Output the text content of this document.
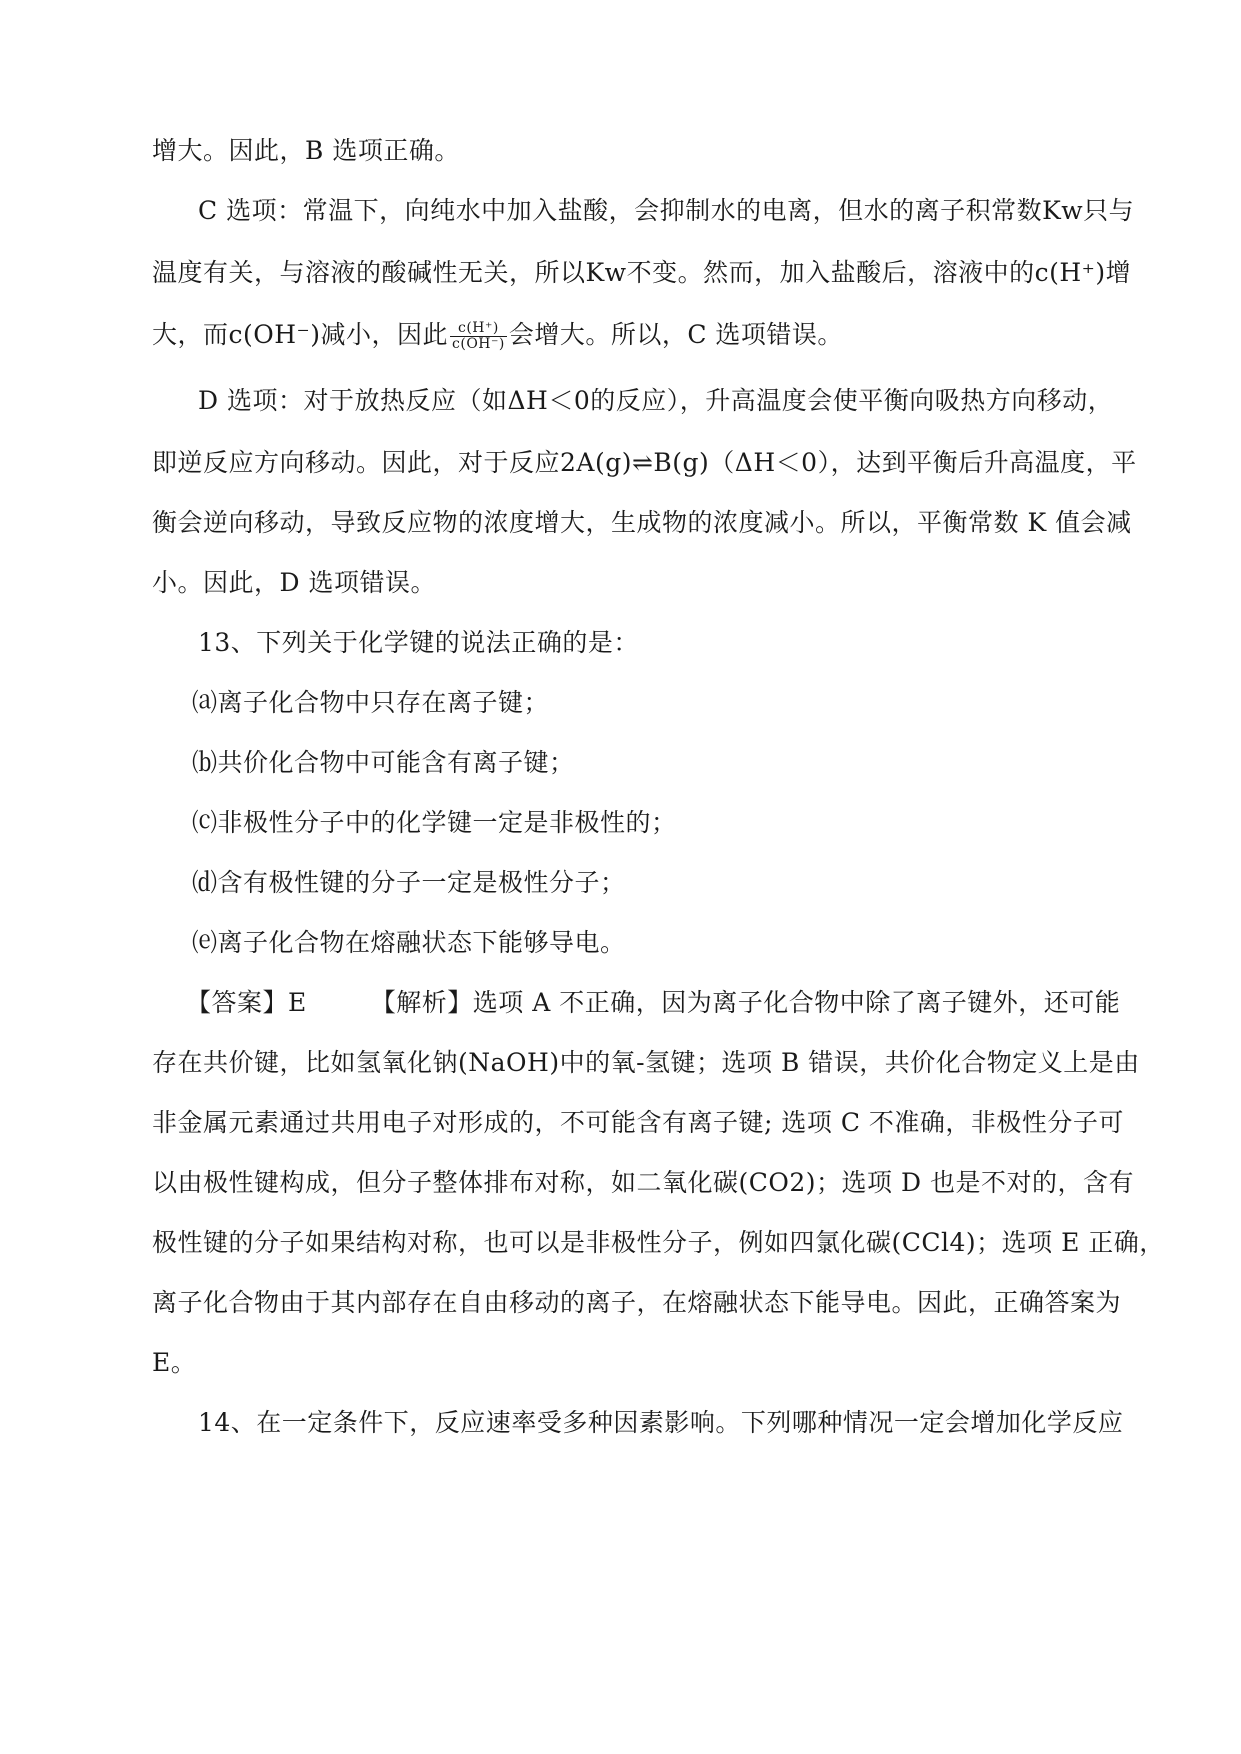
增大。因此，B 选项正确。
C 选项：常温下，向纯水中加入盐酸，会抑制水的电离，但水的离子积常数Kw只与
温度有关，与溶液的酸碱性无关，所以Kw不变。然而，加入盐酸后，溶液中的c(H⁺)增
大，而c(OH⁻)减小，因此 $\frac{c(H^+)}{c(OH^-)}$ 会增大。所以，C 选项错误。
D 选项：对于放热反应（如ΔH＜0的反应），升高温度会使平衡向吸热方向移动，
即逆反应方向移动。因此，对于反应2A(g)⇌B(g)（ΔH＜0），达到平衡后升高温度，平
衡会逆向移动，导致反应物的浓度增大，生成物的浓度减小。所以，平衡常数 K 值会减
小。因此，D 选项错误。
13、下列关于化学键的说法正确的是：
⒜离子化合物中只存在离子键；
⒝共价化合物中可能含有离子键；
⒞非极性分子中的化学键一定是非极性的；
⒟含有极性键的分子一定是极性分子；
⒠离子化合物在熔融状态下能够导电。
【答案】E	【解析】选项 A 不正确，因为离子化合物中除了离子键外，还可能
存在共价键，比如氢氧化钠(NaOH)中的氧-氢键；选项 B 错误，共价化合物定义上是由
非金属元素通过共用电子对形成的，不可能含有离子键; 选项 C 不准确，非极性分子可
以由极性键构成，但分子整体排布对称，如二氧化碳(CO2)；选项 D 也是不对的，含有
极性键的分子如果结构对称，也可以是非极性分子，例如四氯化碳(CCl4)；选项 E 正确，
离子化合物由于其内部存在自由移动的离子，在熔融状态下能导电。因此，正确答案为
E。
14、在一定条件下，反应速率受多种因素影响。下列哪种情况一定会增加化学反应
